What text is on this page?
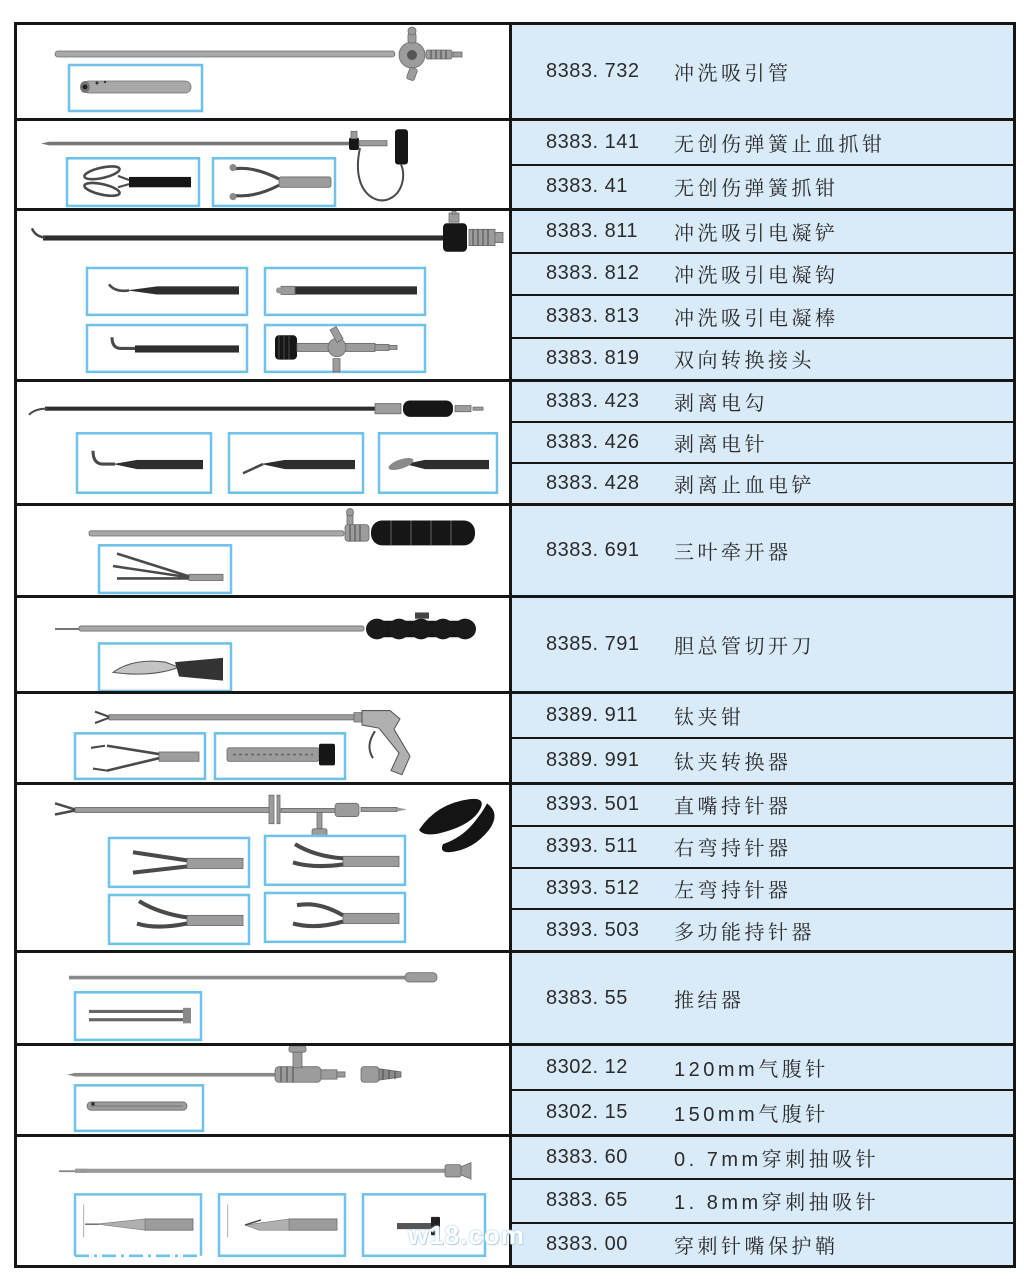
8383. 732	冲洗吸引管
8383. 141	无创伤弹簧止血抓钳
8383. 41	无创伤弹簧抓钳
8383. 811	冲洗吸引电凝铲
8383. 812	冲洗吸引电凝钩
8383. 813	冲洗吸引电凝棒
8383. 819	双向转换接头
8383. 423	剥离电勾
8383. 426	剥离电针
8383. 428	剥离止血电铲
8383. 691	三叶牵开器
8385. 791	胆总管切开刀
8389. 911	钛夹钳
8389. 991	钛夹转换器
8393. 501	直嘴持针器
8393. 511	右弯持针器
8393. 512	左弯持针器
8393. 503	多功能持针器
8383. 55	推结器
8302. 12	120mm气腹针
8302. 15	150mm气腹针
8383. 60	0. 7mm穿刺抽吸针
8383. 65	1. 8mm穿刺抽吸针
8383. 00	穿刺针嘴保护鞘
w18.com
